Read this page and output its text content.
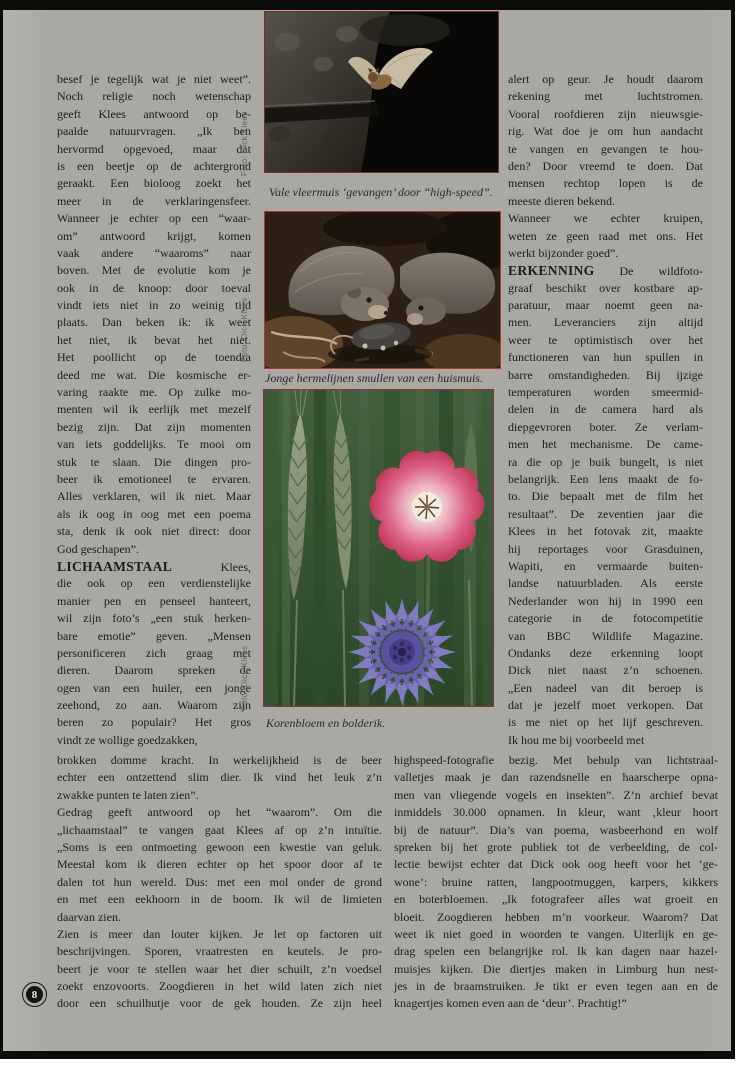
besef je tegelijk wat je niet weet”.
Noch religie noch wetenschap
geeft Klees antwoord op be-
paalde natuurvragen. „Ik ben
hervormd opgevoed, maar dat
is een beetje op de achtergrond
geraakt. Een bioloog zoekt het
meer in de verklaringensfeer.
Wanneer je echter op een “waar-
om” antwoord krijgt, komen
vaak andere “waaroms” naar
boven. Met de evolutie kom je
ook in de knoop: door toeval
vindt iets niet in zo weinig tijd
plaats. Dan beken ik: ik weet
het niet, ik bevat het niet.
Het poollicht op de toendra
deed me wat. Die kosmische er-
varing raakte me. Op zulke mo-
menten wil ik eerlijk met mezelf
bezig zijn. Dat zijn momenten
van iets goddelijks. Te mooi om
stuk te slaan. Die dingen pro-
beer ik emotioneel te ervaren.
Alles verklaren, wil ik niet. Maar
als ik oog in oog met een poema
sta, denk ik ook niet direct: door
God geschapen”.
LICHAAMSTAAL Klees,
die ook op een verdienstelijke
manier pen en penseel hanteert,
wil zijn foto’s „een stuk herken-
bare emotie” geven. „Mensen
personificeren zich graag met
dieren. Daarom spreken de
ogen van een huiler, een jonge
zeehond, zo aan. Waarom zijn
beren zo populair? Het gros
vindt ze wollige goedzakken,
brokken domme kracht. In werkelijkheid is de beer
echter een ontzettend slim dier. Ik vind het leuk z’n
zwakke punten te laten zien”.
Gedrag geeft antwoord op het “waarom”. Om die
„lichaamstaal” te vangen gaat Klees af op z’n intuïtie.
„Soms is een ontmoeting gewoon een kwestie van geluk.
Meestal kom ik dieren echter op het spoor door af te
dalen tot hun wereld. Dus: met een mol onder de grond
en met een eekhoorn in de boom. Ik wil de limieten
daarvan zien.
Zien is meer dan louter kijken. Je let op factoren uit
beschrijvingen. Sporen, vraatresten en keutels. Je pro-
beert je voor te stellen waar het dier schuilt, z’n voedsel
zoekt enzovoorts. Zoogdieren in het wild laten zich niet
door een schuilhutje voor de gek houden. Ze zijn heel
alert op geur. Je houdt daarom
rekening met luchtstromen.
Vooral roofdieren zijn nieuwsgie-
rig. Wat doe je om hun aandacht
te vangen en gevangen te hou-
den? Door vreemd te doen. Dat
mensen rechtop lopen is de
meeste dieren bekend.
Wanneer we echter kruipen,
weten ze geen raad met ons. Het
werkt bijzonder goed”.
ERKENNING De wildfoto-
graaf beschikt over kostbare ap-
paratuur, maar noemt geen na-
men. Leveranciers zijn altijd
weer te optimistisch over het
functioneren van hun spullen in
barre omstandigheden. Bij ijzige
temperaturen worden smeermid-
delen in de camera hard als
diepgevroren boter. Ze verlam-
men het mechanisme. De came-
ra die op je buik bungelt, is niet
belangrijk. Een lens maakt de fo-
to. Die bepaalt met de film het
resultaat”. De zeventien jaar die
Klees in het fotovak zit, maakte
hij reportages voor Grasduinen,
Wapiti, en vermaarde buiten-
landse natuurbladen. Als eerste
Nederlander won hij in 1990 een
categorie in de fotocompetitie
van BBC Wildlife Magazine.
Ondanks deze erkenning loopt
Dick niet naast z’n schoenen.
„Een nadeel van dit beroep is
dat je jezelf moet verkopen. Dat
is me niet op het lijf geschreven.
Ik hou me bij voorbeeld met
highspeed-fotografie bezig. Met behulp van lichtstraal-
valletjes maak je dan razendsnelle en haarscherpe opna-
men van vliegende vogels en insekten”. Z’n archief bevat
inmiddels 30.000 opnamen. In kleur, want ‚kleur hoort
bij de natuur”. Dia’s van poema, wasbeerhond en wolf
spreken bij het grote publiek tot de verbeelding, de col-
lectie bewijst echter dat Dick ook oog heeft voor het ‘ge-
wone’: bruine ratten, langpootmuggen, karpers, kikkers
en boterbloemen. „Ik fotografeer alles wat groeit en
bloeit. Zoogdieren hebben m’n voorkeur. Waarom? Dat
weet ik niet goed in woorden te vangen. Uiterlijk en ge-
drag spelen een belangrijke rol. Ik kan dagen naar hazel-
muisjes kijken. Die diertjes maken in Limburg hun nest-
jes in de braamstruiken. Je tikt er even tegen aan en de
knagertjes komen even aan de ‘deur’. Prachtig!”
Vale vleermuis ‘gevangen’ door “high-speed”.
Foto: Dick Klees
Jonge hermelijnen smullen van een huismuis.
Foto: Dick Klees
Korenbloem en bolderik.
Foto: Dick Klees
8
